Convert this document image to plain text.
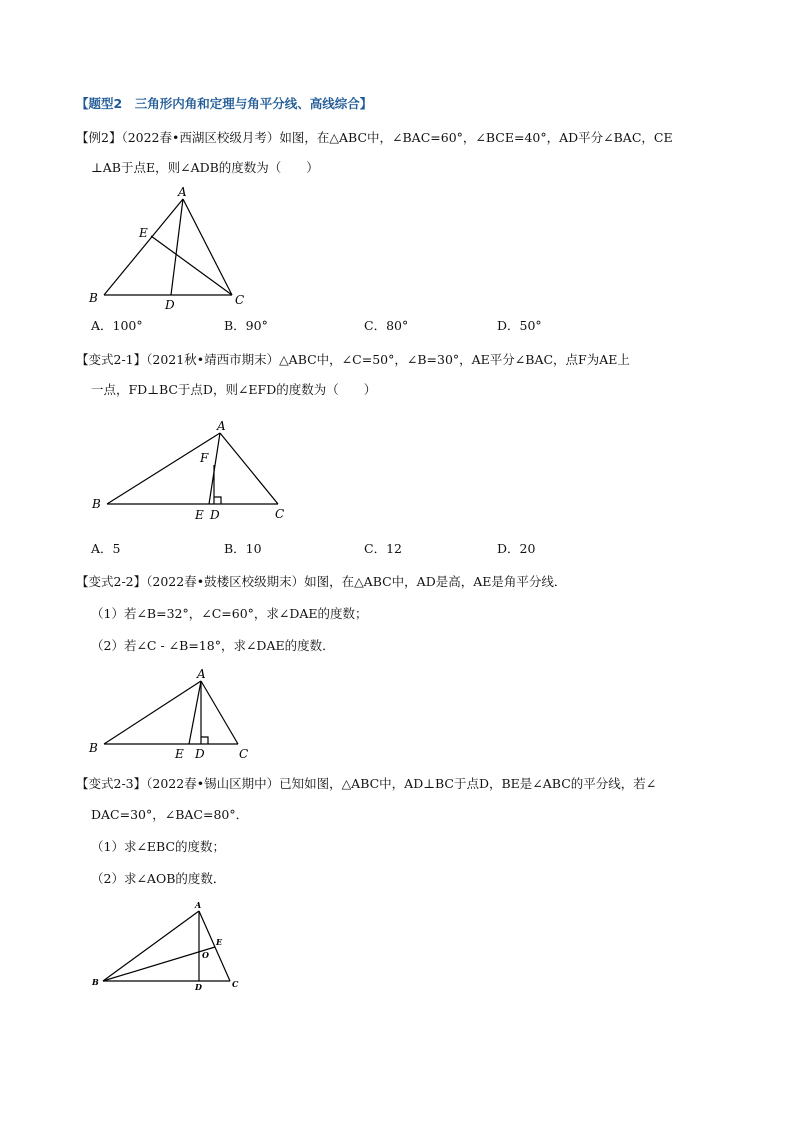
【题型2　三角形内角和定理与角平分线、高线综合】
【例2】（2022春•西湖区校级月考）如图，在△ABC中，∠BAC=60°，∠BCE=40°，AD平分∠BAC，CE
⊥AB于点E，则∠ADB的度数为（　　）
A
B	C
D
E
A．100°	B．90°	C．80°	D．50°
【变式2-1】（2021秋•靖西市期末）△ABC中，∠C=50°，∠B=30°，AE平分∠BAC，点F为AE上
一点，FD⊥BC于点D，则∠EFD的度数为（　　）
A
B
C
D
E
F
A．5	B．10	C．12	D．20
【变式2-2】（2022春•鼓楼区校级期末）如图，在△ABC中，AD是高，AE是角平分线．
（1）若∠B=32°，∠C=60°，求∠DAE的度数；
（2）若∠C - ∠B=18°，求∠DAE的度数．
A
B	C
D
E
【变式2-3】（2022春•锡山区期中）已知如图，△ABC中，AD⊥BC于点D，BE是∠ABC的平分线，若∠
DAC=30°，∠BAC=80°．
（1）求∠EBC的度数；
（2）求∠AOB的度数．
A
B	C
D
E
O
